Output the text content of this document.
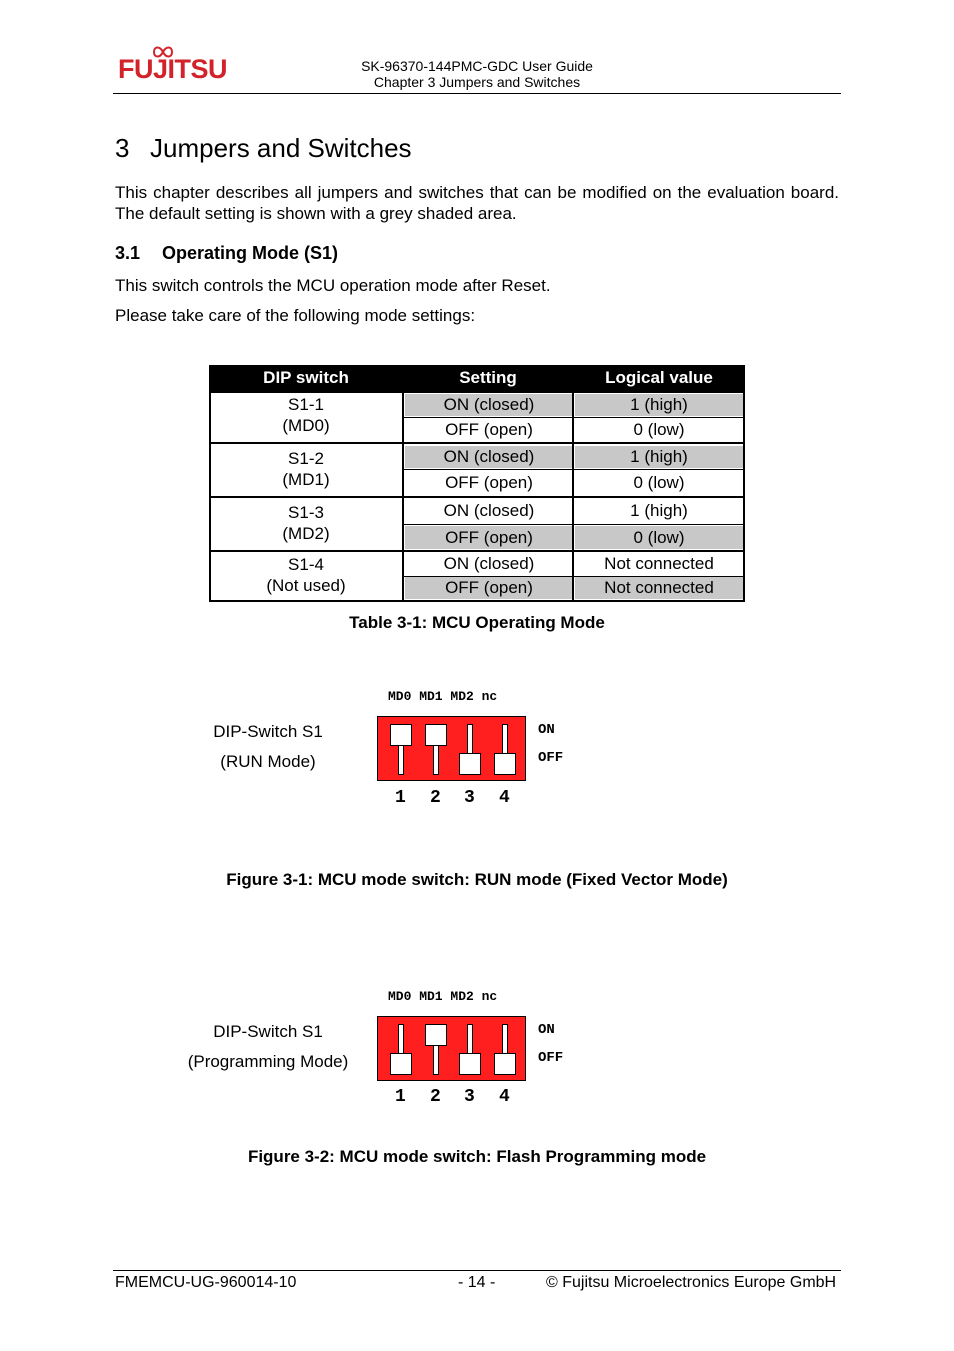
FUJITSU	SK-96370-144PMC-GDC User Guide
Chapter 3 Jumpers and Switches
3 Jumpers and Switches
This chapter describes all jumpers and switches that can be modified on the evaluation board. The default setting is shown with a grey shaded area.
3.1 Operating Mode (S1)
This switch controls the MCU operation mode after Reset.
Please take care of the following mode settings:
DIP switch	Setting	Logical value
S1-1
(MD0)
ON (closed)	1 (high)
OFF (open)	0 (low)
S1-2
(MD1)
ON (closed)	1 (high)
OFF (open)	0 (low)
S1-3
(MD2)
ON (closed)	1 (high)
OFF (open)	0 (low)
S1-4
(Not used)
ON (closed)	Not connected
OFF (open)	Not connected
Table 3-1: MCU Operating Mode
MD0 MD1 MD2 nc
DIP-Switch S1
(RUN Mode)
ON
OFF
1 2 3 4
Figure 3-1: MCU mode switch: RUN mode (Fixed Vector Mode)
MD0 MD1 MD2 nc
DIP-Switch S1
(Programming Mode)
ON
OFF
1 2 3 4
Figure 3-2: MCU mode switch: Flash Programming mode
FMEMCU-UG-960014-10	- 14 -	© Fujitsu Microelectronics Europe GmbH
